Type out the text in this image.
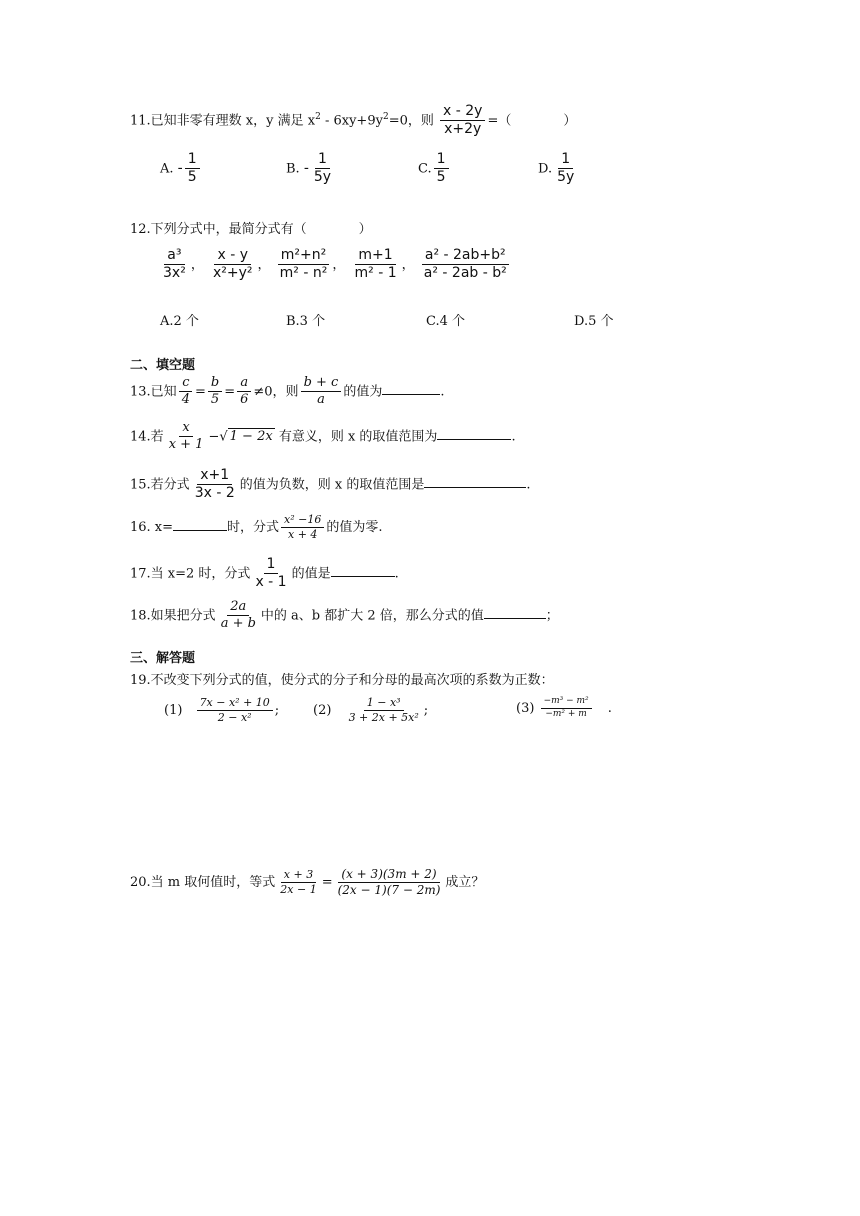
11.已知非零有理数 x，y 满足 $x^2 - 6xy+9y^2=0$，则 $\frac{x - 2y}{x+2y}$ =（　　　　）
A. - $\frac{1}{5}$	B. - $\frac{1}{5y}$	C. $\frac{1}{5}$	D. $\frac{1}{5y}$
12.下列分式中，最简分式有（　　　　）
$\frac{\text{a³}}{\text{3x²}}$ ， $\frac{x - y}{\text{x²+y²}}$ ， $\frac{\text{m²+n²}}{\text{m² - n²}}$ ， $\frac{m+1}{\text{m² - 1}}$ ， $\frac{\text{a² - 2ab+b²}}{\text{a² - 2ab - b²}}$
A.2 个	B.3 个	C.4 个	D.5 个
二、填空题
13.已知 $\frac{c}{4} = \frac{b}{5} = \frac{a}{6} \ne 0$，则 $\frac{b + c}{a}$ 的值为	.
14.若 $\frac{x}{x + 1}$ −√ 1 − 2x 有意义，则 x 的取值范围为	.
15.若分式 $\frac{x+1}{3x - 2}$ 的值为负数，则 x 的取值范围是	.
16. x=	时，分式 $\frac{\text{x² −16}}{x + 4}$ 的值为零.
17.当 x=2 时，分式 $\frac{1}{x - 1}$ 的值是	.
18.如果把分式 $\frac{2a}{a + b}$ 中的 a、b 都扩大 2 倍，那么分式的值	；
三、解答题
19.不改变下列分式的值，使分式的分子和分母的最高次项的系数为正数：
$(1) \frac{\text{7x − x² + 10}}{\text{2 − x²}}$ ;	$(2) \frac{\text{1 − x³}}{\text{3 + 2x + 5x²}}$ ;	$(3) \frac{\text{−m³ − m²}}{\text{−m² + m}}$ .
20.当 m 取何值时，等式 $\frac{x + 3}{2x - 1} = \frac{(x + 3)(3m + 2)}{(2x - 1)(7 - 2m)}$ 成立？
